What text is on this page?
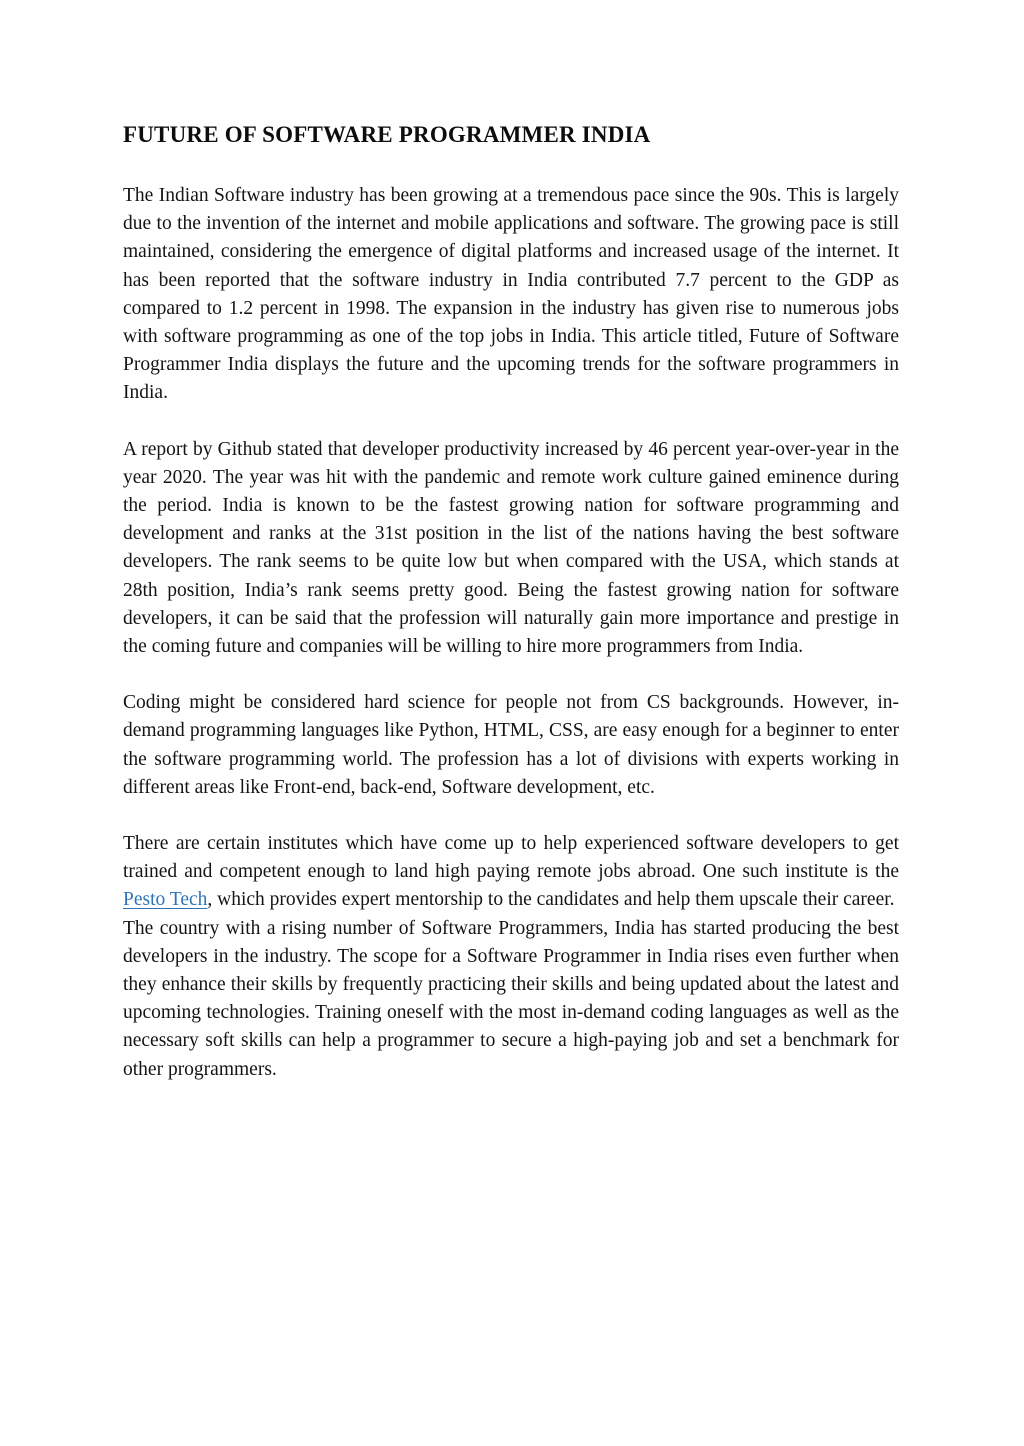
FUTURE OF SOFTWARE PROGRAMMER INDIA

The Indian Software industry has been growing at a tremendous pace since the 90s. This is largely due to the invention of the internet and mobile applications and software. The growing pace is still maintained, considering the emergence of digital platforms and increased usage of the internet. It has been reported that the software industry in India contributed 7.7 percent to the GDP as compared to 1.2 percent in 1998. The expansion in the industry has given rise to numerous jobs with software programming as one of the top jobs in India. This article titled, Future of Software Programmer India displays the future and the upcoming trends for the software programmers in India.

A report by Github stated that developer productivity increased by 46 percent year-over-year in the year 2020. The year was hit with the pandemic and remote work culture gained eminence during the period. India is known to be the fastest growing nation for software programming and development and ranks at the 31st position in the list of the nations having the best software developers. The rank seems to be quite low but when compared with the USA, which stands at 28th position, India’s rank seems pretty good. Being the fastest growing nation for software developers, it can be said that the profession will naturally gain more importance and prestige in the coming future and companies will be willing to hire more programmers from India.

Coding might be considered hard science for people not from CS backgrounds. However, in-demand programming languages like Python, HTML, CSS, are easy enough for a beginner to enter the software programming world. The profession has a lot of divisions with experts working in different areas like Front-end, back-end, Software development, etc.

There are certain institutes which have come up to help experienced software developers to get trained and competent enough to land high paying remote jobs abroad. One such institute is the Pesto Tech, which provides expert mentorship to the candidates and help them upscale their career.

The country with a rising number of Software Programmers, India has started producing the best developers in the industry. The scope for a Software Programmer in India rises even further when they enhance their skills by frequently practicing their skills and being updated about the latest and upcoming technologies. Training oneself with the most in-demand coding languages as well as the necessary soft skills can help a programmer to secure a high-paying job and set a benchmark for other programmers.
